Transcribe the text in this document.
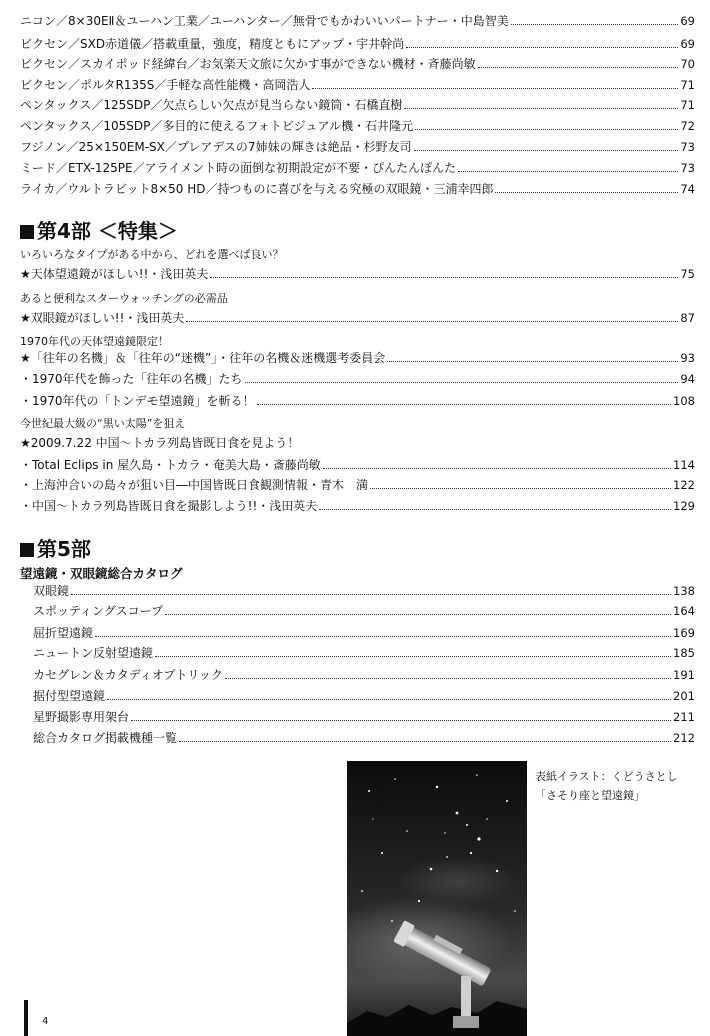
ニコン／8×30EⅡ＆ユーハン工業／ユーハンター／無骨でもかわいいパートナー・中島智美	69
ビクセン／SXD赤道儀／搭載重量，強度，精度ともにアップ・宇井幹尚	69
ビクセン／スカイポッド経緯台／お気楽天文旅に欠かす事ができない機材・斉藤尚敏	70
ビクセン／ポルタR135S／手軽な高性能機・高岡浩人	71
ペンタックス／125SDP／欠点らしい欠点が見当らない鏡筒・石橋直樹	71
ペンタックス／105SDP／多目的に使えるフォトビジュアル機・石井隆元	72
フジノン／25×150EM-SX／プレアデスの7姉妹の輝きは絶品・杉野友司	73
ミード／ETX-125PE／アライメント時の面倒な初期設定が不要・ぴんたんぽんた	73
ライカ／ウルトラビット8×50 HD／持つものに喜びを与える究極の双眼鏡・三浦幸四郎	74
第4部 ＜特集＞
いろいろなタイプがある中から、どれを選べば良い？
★天体望遠鏡がほしい!!・浅田英夫	75
あると便利なスターウォッチングの必需品
★双眼鏡がほしい!!・浅田英夫	87
1970年代の天体望遠鏡限定！
★「往年の名機」＆「往年の“迷機”」・往年の名機＆迷機選考委員会	93
・1970年代を飾った「往年の名機」たち	94
・1970年代の「トンデモ望遠鏡」を斬る！	108
今世紀最大級の“黒い太陽”を狙え
★2009.7.22 中国～トカラ列島皆既日食を見よう！
・Total Eclips in 屋久島・トカラ・奄美大島・斎藤尚敏	114
・上海沖合いの島々が狙い目―中国皆既日食観測情報・青木　満	122
・中国～トカラ列島皆既日食を撮影しよう!!・浅田英夫	129
第5部
望遠鏡・双眼鏡総合カタログ
双眼鏡	138
スポッティングスコープ	164
屈折望遠鏡	169
ニュートン反射望遠鏡	185
カセグレン＆カタディオプトリック	191
据付型望遠鏡	201
星野撮影専用架台	211
総合カタログ掲載機種一覧	212
表紙イラスト：くどうさとし
「さそり座と望遠鏡」
4
